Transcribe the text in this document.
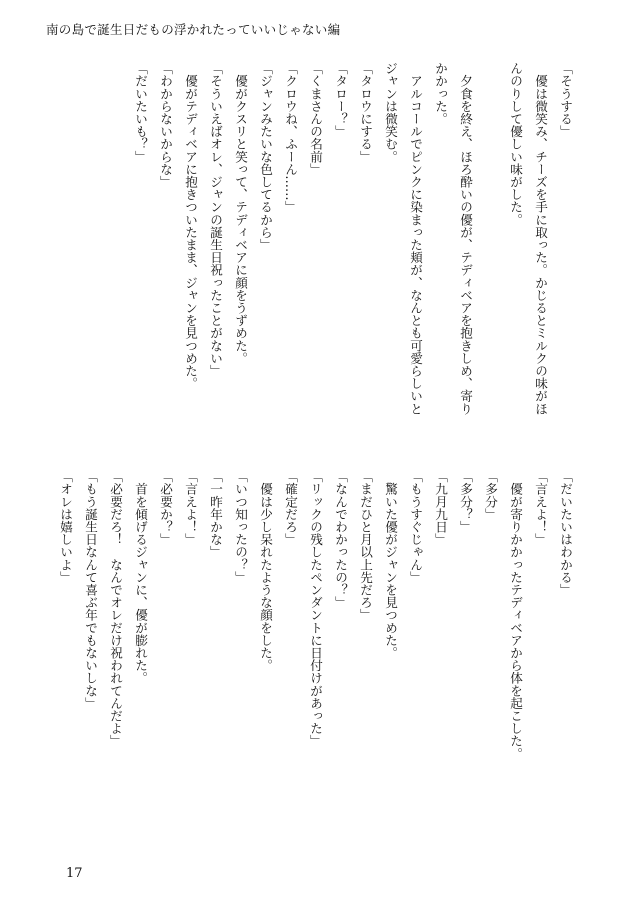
南の島で誕生日だもの浮かれたっていいじゃない編
「そうする」
　優は微笑み、チーズを手に取った。かじるとミルクの味がほ
んのりして優しい味がした。

　夕食を終え、ほろ酔いの優が、テディベアを抱きしめ、寄り
かかった。
　アルコールでピンクに染まった頬が、なんとも可愛らしいと
ジャンは微笑む。
「タロウにする」
「タロー？」
「くまさんの名前」
「クロウね、ふーん……」
「ジャンみたいな色してるから」
　優がクスリと笑って、テディベアに顔をうずめた。
「そういえばオレ、ジャンの誕生日祝ったことがない」
　優がテディベアに抱きついたまま、ジャンを見つめた。
「わからないからな」
「だいたいも？」
「だいたいはわかる」
「言えよ！」
　優が寄りかかったテディベアから体を起こした。
「多分」
「多分？」
「九月九日」
「もうすぐじゃん」
　驚いた優がジャンを見つめた。
「まだひと月以上先だろ」
「なんでわかったの？」
「リックの残したペンダントに日付けがあった」
「確定だろ」
　優は少し呆れたような顔をした。
「いつ知ったの？」
「一昨年かな」
「言えよ！」
「必要か？」
　首を傾げるジャンに、優が膨れた。
「必要だろ！　なんでオレだけ祝われてんだよ」
「もう誕生日なんて喜ぶ年でもないしな」
「オレは嬉しいよ」
17
